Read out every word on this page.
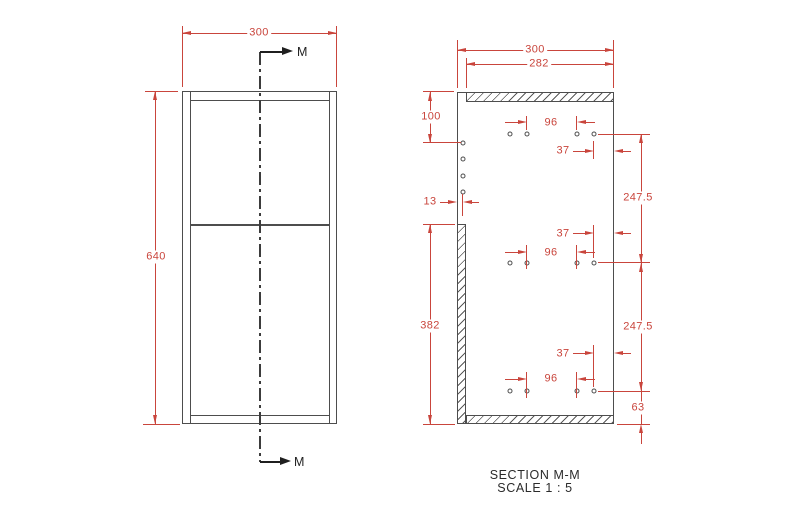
M
M
300
640
300
282
100
13
382
96
37
247.5
37
96
247.5
37
96
63
SECTION M-M
SCALE 1 : 5
